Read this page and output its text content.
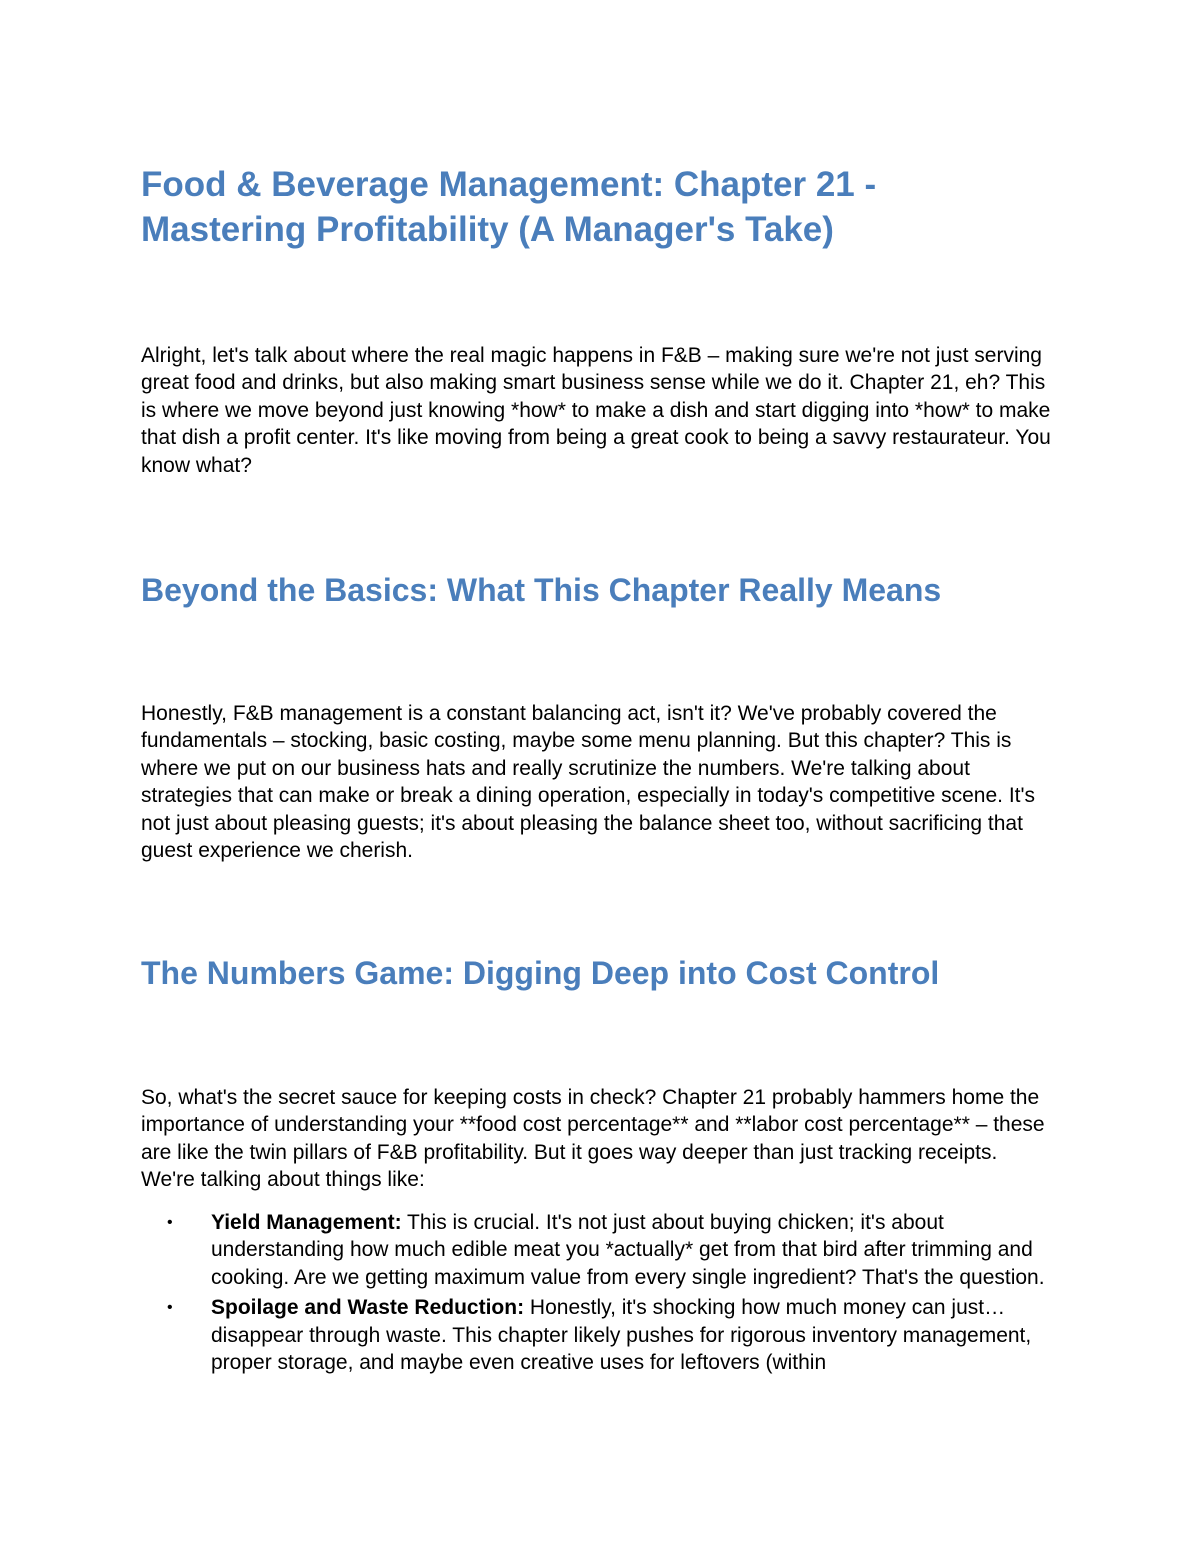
Food & Beverage Management: Chapter 21 - Mastering Profitability (A Manager's Take)

Alright, let's talk about where the real magic happens in F&B – making sure we're not just serving great food and drinks, but also making smart business sense while we do it. Chapter 21, eh? This is where we move beyond just knowing *how* to make a dish and start digging into *how* to make that dish a profit center. It's like moving from being a great cook to being a savvy restaurateur. You know what?

Beyond the Basics: What This Chapter Really Means

Honestly, F&B management is a constant balancing act, isn't it? We've probably covered the fundamentals – stocking, basic costing, maybe some menu planning. But this chapter? This is where we put on our business hats and really scrutinize the numbers. We're talking about strategies that can make or break a dining operation, especially in today's competitive scene. It's not just about pleasing guests; it's about pleasing the balance sheet too, without sacrificing that guest experience we cherish.

The Numbers Game: Digging Deep into Cost Control

So, what's the secret sauce for keeping costs in check? Chapter 21 probably hammers home the importance of understanding your **food cost percentage** and **labor cost percentage** – these are like the twin pillars of F&B profitability. But it goes way deeper than just tracking receipts. We're talking about things like:

• Yield Management: This is crucial. It's not just about buying chicken; it's about understanding how much edible meat you *actually* get from that bird after trimming and cooking. Are we getting maximum value from every single ingredient? That's the question.
• Spoilage and Waste Reduction: Honestly, it's shocking how much money can just… disappear through waste. This chapter likely pushes for rigorous inventory management, proper storage, and maybe even creative uses for leftovers (within
